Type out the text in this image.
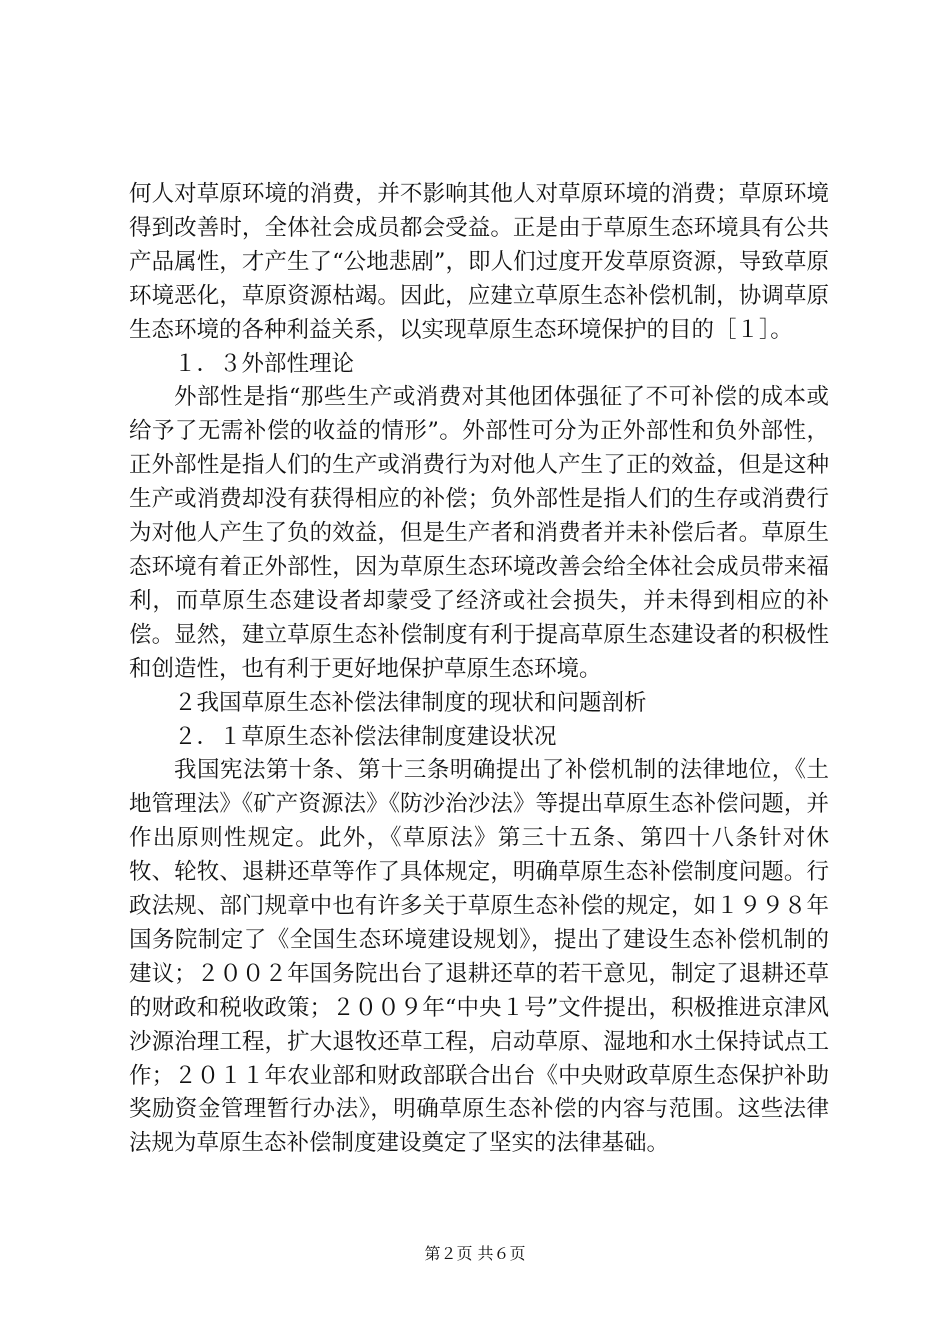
何人对草原环境的消费，并不影响其他人对草原环境的消费；草原环境得到改善时，全体社会成员都会受益。正是由于草原生态环境具有公共产品属性，才产生了“公地悲剧”，即人们过度开发草原资源，导致草原环境恶化，草原资源枯竭。因此，应建立草原生态补偿机制，协调草原生态环境的各种利益关系，以实现草原生态环境保护的目的［１］。

１．３外部性理论

外部性是指“那些生产或消费对其他团体强征了不可补偿的成本或给予了无需补偿的收益的情形”。外部性可分为正外部性和负外部性，正外部性是指人们的生产或消费行为对他人产生了正的效益，但是这种生产或消费却没有获得相应的补偿；负外部性是指人们的生存或消费行为对他人产生了负的效益，但是生产者和消费者并未补偿后者。草原生态环境有着正外部性，因为草原生态环境改善会给全体社会成员带来福利，而草原生态建设者却蒙受了经济或社会损失，并未得到相应的补偿。显然，建立草原生态补偿制度有利于提高草原生态建设者的积极性和创造性，也有利于更好地保护草原生态环境。

２我国草原生态补偿法律制度的现状和问题剖析

２．１草原生态补偿法律制度建设状况

我国宪法第十条、第十三条明确提出了补偿机制的法律地位，《土地管理法》《矿产资源法》《防沙治沙法》等提出草原生态补偿问题，并作出原则性规定。此外，《草原法》第三十五条、第四十八条针对休牧、轮牧、退耕还草等作了具体规定，明确草原生态补偿制度问题。行政法规、部门规章中也有许多关于草原生态补偿的规定，如１９９８年国务院制定了《全国生态环境建设规划》，提出了建设生态补偿机制的建议；２００２年国务院出台了退耕还草的若干意见，制定了退耕还草的财政和税收政策；２００９年“中央１号”文件提出，积极推进京津风沙源治理工程，扩大退牧还草工程，启动草原、湿地和水土保持试点工作；２０１１年农业部和财政部联合出台《中央财政草原生态保护补助奖励资金管理暂行办法》，明确草原生态补偿的内容与范围。这些法律法规为草原生态补偿制度建设奠定了坚实的法律基础。

第２页 共６页
